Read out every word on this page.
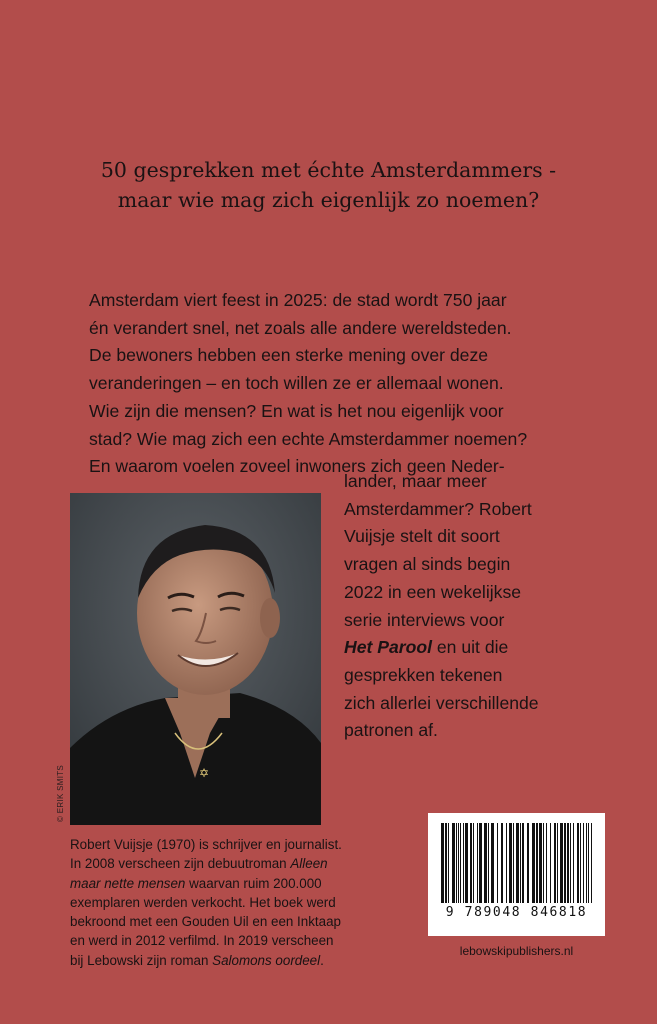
50 gesprekken met échte Amsterdammers -
maar wie mag zich eigenlijk zo noemen?
Amsterdam viert feest in 2025: de stad wordt 750 jaar
én verandert snel, net zoals alle andere wereldsteden.
De bewoners hebben een sterke mening over deze
veranderingen – en toch willen ze er allemaal wonen.
Wie zijn die mensen? En wat is het nou eigenlijk voor
stad? Wie mag zich een echte Amsterdammer noemen?
En waarom voelen zoveel inwoners zich geen Neder-
lander, maar meer
Amsterdammer? Robert
Vuijsje stelt dit soort
vragen al sinds begin
2022 in een wekelijkse
serie interviews voor
Het Parool en uit die
gesprekken tekenen
zich allerlei verschillende
patronen af.
✡
© ERIK SMITS
Robert Vuijsje (1970) is schrijver en journalist.
In 2008 verscheen zijn debuutroman Alleen
maar nette mensen waarvan ruim 200.000
exemplaren werden verkocht. Het boek werd
bekroond met een Gouden Uil en een Inktaap
en werd in 2012 verfilmd. In 2019 verscheen
bij Lebowski zijn roman Salomons oordeel.
9 789048 846818
lebowskipublishers.nl
